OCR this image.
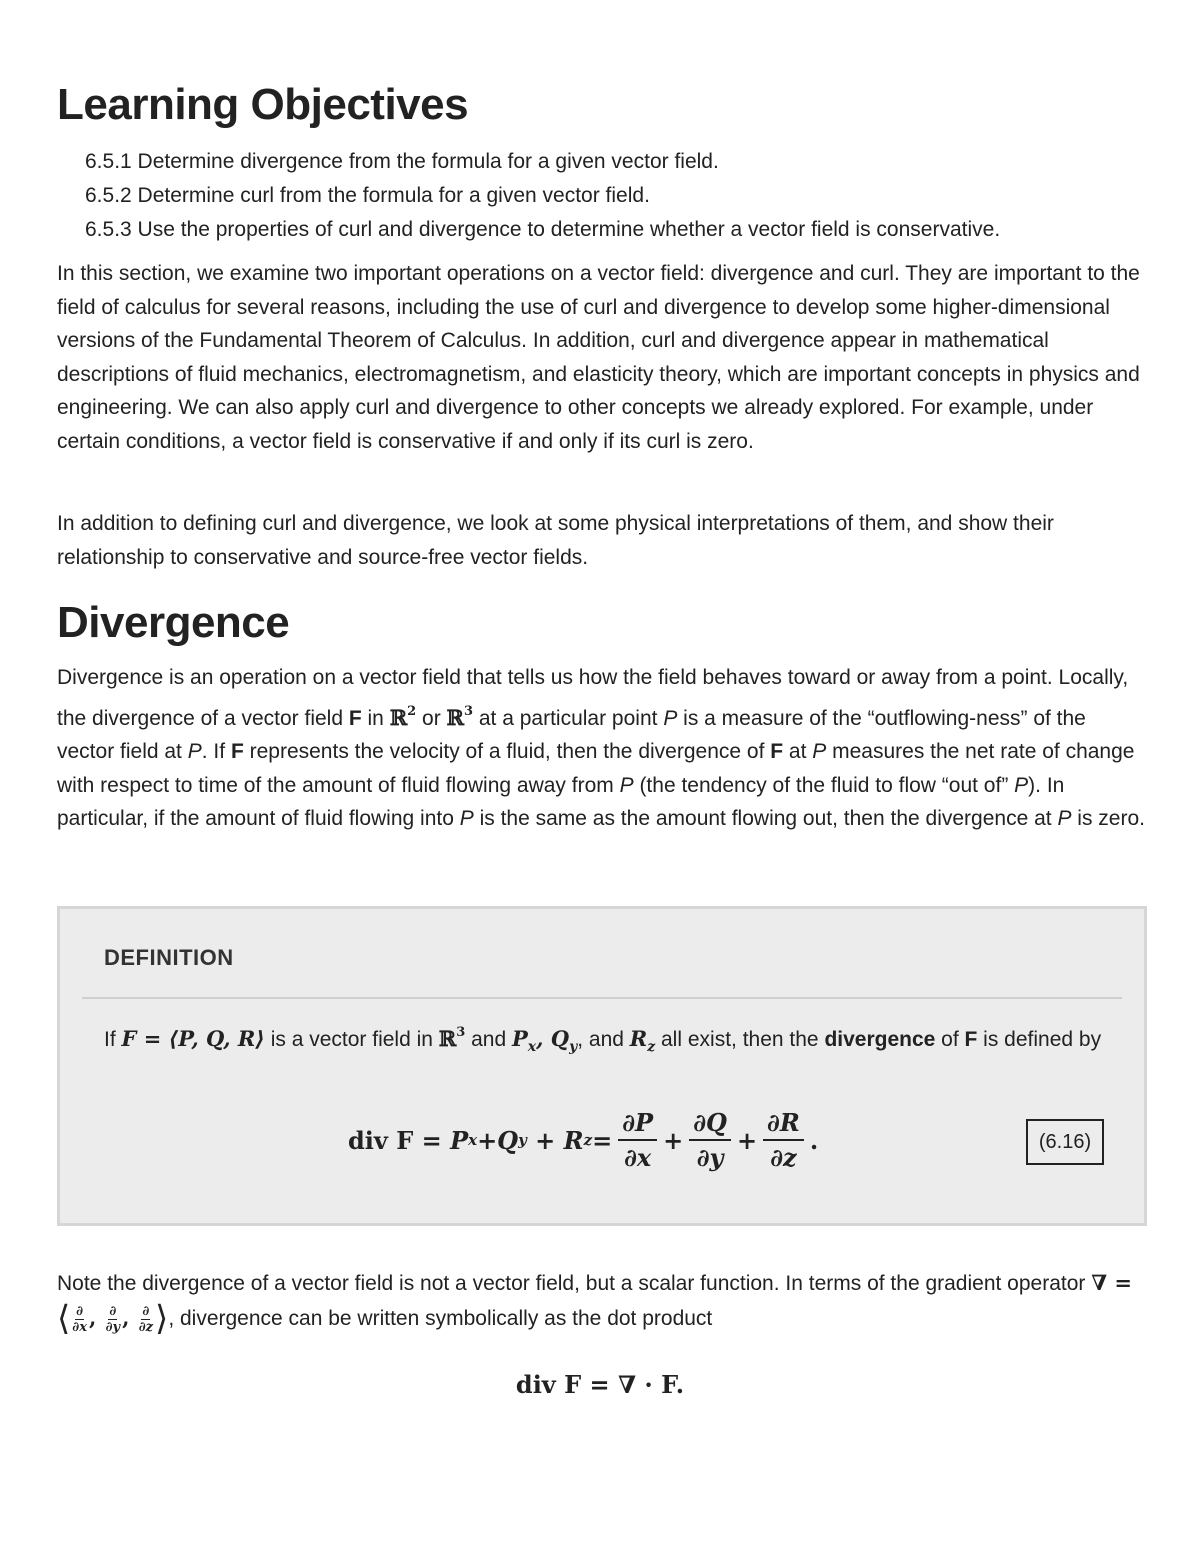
Learning Objectives
6.5.1 Determine divergence from the formula for a given vector field.
6.5.2 Determine curl from the formula for a given vector field.
6.5.3 Use the properties of curl and divergence to determine whether a vector field is conservative.

In this section, we examine two important operations on a vector field: divergence and curl. They are important to the field of calculus for several reasons, including the use of curl and divergence to develop some higher-dimensional versions of the Fundamental Theorem of Calculus. In addition, curl and divergence appear in mathematical descriptions of fluid mechanics, electromagnetism, and elasticity theory, which are important concepts in physics and engineering. We can also apply curl and divergence to other concepts we already explored. For example, under certain conditions, a vector field is conservative if and only if its curl is zero.

In addition to defining curl and divergence, we look at some physical interpretations of them, and show their relationship to conservative and source-free vector fields.

Divergence

Divergence is an operation on a vector field that tells us how the field behaves toward or away from a point. Locally, the divergence of a vector field F in ℝ$^2$ or ℝ$^3$ at a particular point P is a measure of the “outflowing-ness” of the vector field at P. If F represents the velocity of a fluid, then the divergence of F at P measures the net rate of change with respect to time of the amount of fluid flowing away from P (the tendency of the fluid to flow “out of” P). In particular, if the amount of fluid flowing into P is the same as the amount flowing out, then the divergence at P is zero.

DEFINITION
If F = ⟨P, Q, R⟩ is a vector field in ℝ$^3$ and $P_x$, $Q_y$, and $R_z$ all exist, then the divergence of F is defined by
div F =
P x + Q y
+
R $z = \frac{\partial P}{\partial x} + \frac{\partial Q}{\partial y} + \frac{\partial R}{\partial z}$ .	(6.16)

Note the divergence of a vector field is not a vector field, but a scalar function. In terms of the gradient operator ∇ = ⟨ $\frac{\partial}{\partial x}$ , $\frac{\partial}{\partial y}$ , $\frac{\partial}{\partial z}$ ⟩, divergence can be written symbolically as the dot product

div F = ∇ · F.
